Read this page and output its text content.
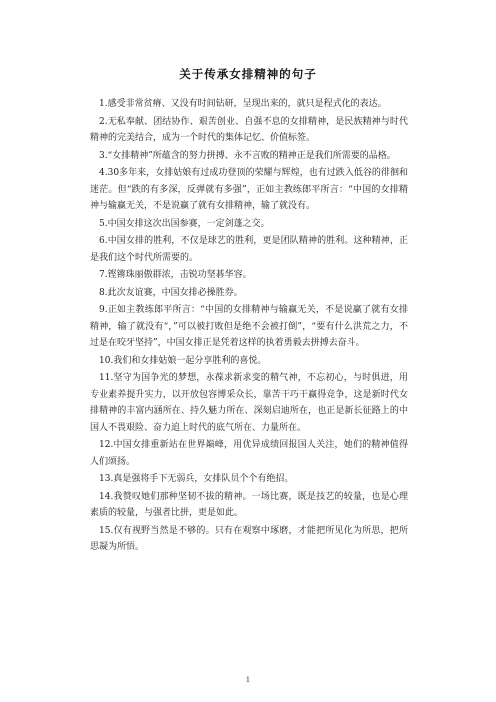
关于传承女排精神的句子

1.感受非常贫瘠、又没有时间钻研，呈现出来的，就只是程式化的表达。

2.无私奉献、团结协作、艰苦创业、自强不息的女排精神，是民族精神与时代精神的完美结合，成为一个时代的集体记忆、价值标签。

3.“女排精神”所蕴含的努力拼搏、永不言败的精神正是我们所需要的品格。

4.30多年来，女排姑娘有过成功登顶的荣耀与辉煌，也有过跌入低谷的徘徊和迷茫。但“跌的有多深，反弹就有多强”，正如主教练郎平所言：“中国的女排精神与输赢无关，不是说赢了就有女排精神，输了就没有。

5.中国女排这次出国参赛，一定剑蓬之交。

6.中国女排的胜利，不仅是球艺的胜利，更是团队精神的胜利。这种精神，正是我们这个时代所需要的。

7.铿锵珠丽傲群浓，击锐功坚碁华容。

8.此次友谊赛，中国女排必操胜券。

9.正如主教练郎平所言：“中国的女排精神与输赢无关，不是说赢了就有女排精神，输了就没有“，”可以被打败但是绝不会被打倒”，“要有什么洪荒之力，不过是在咬牙坚持”，中国女排正是凭着这样的执着勇毅去拼搏去奋斗。

10.我们和女排姑娘一起分享胜利的喜悦。

11.坚守为国争光的梦想，永葆求新求变的精气神，不忘初心，与时俱进，用专业素养提升实力，以开放包容博采众长，靠苦干巧干赢得竞争，这是新时代女排精神的丰富内涵所在、持久魅力所在、深刻启迪所在，也正是新长征路上的中国人不畏艰险、奋力追上时代的底气所在、力量所在。

12.中国女排重新站在世界巅峰，用优异成绩回报国人关注，她们的精神值得人们颂扬。

13.真是强将手下无弱兵，女排队员个个有绝招。

14.我赞叹她们那种坚韧不拔的精神。一场比赛，既是技艺的较量，也是心理素质的较量，与强者比拼，更是如此。

15.仅有视野当然是不够的。只有在观察中琢磨，才能把所见化为所思，把所思凝为所悟。

1
